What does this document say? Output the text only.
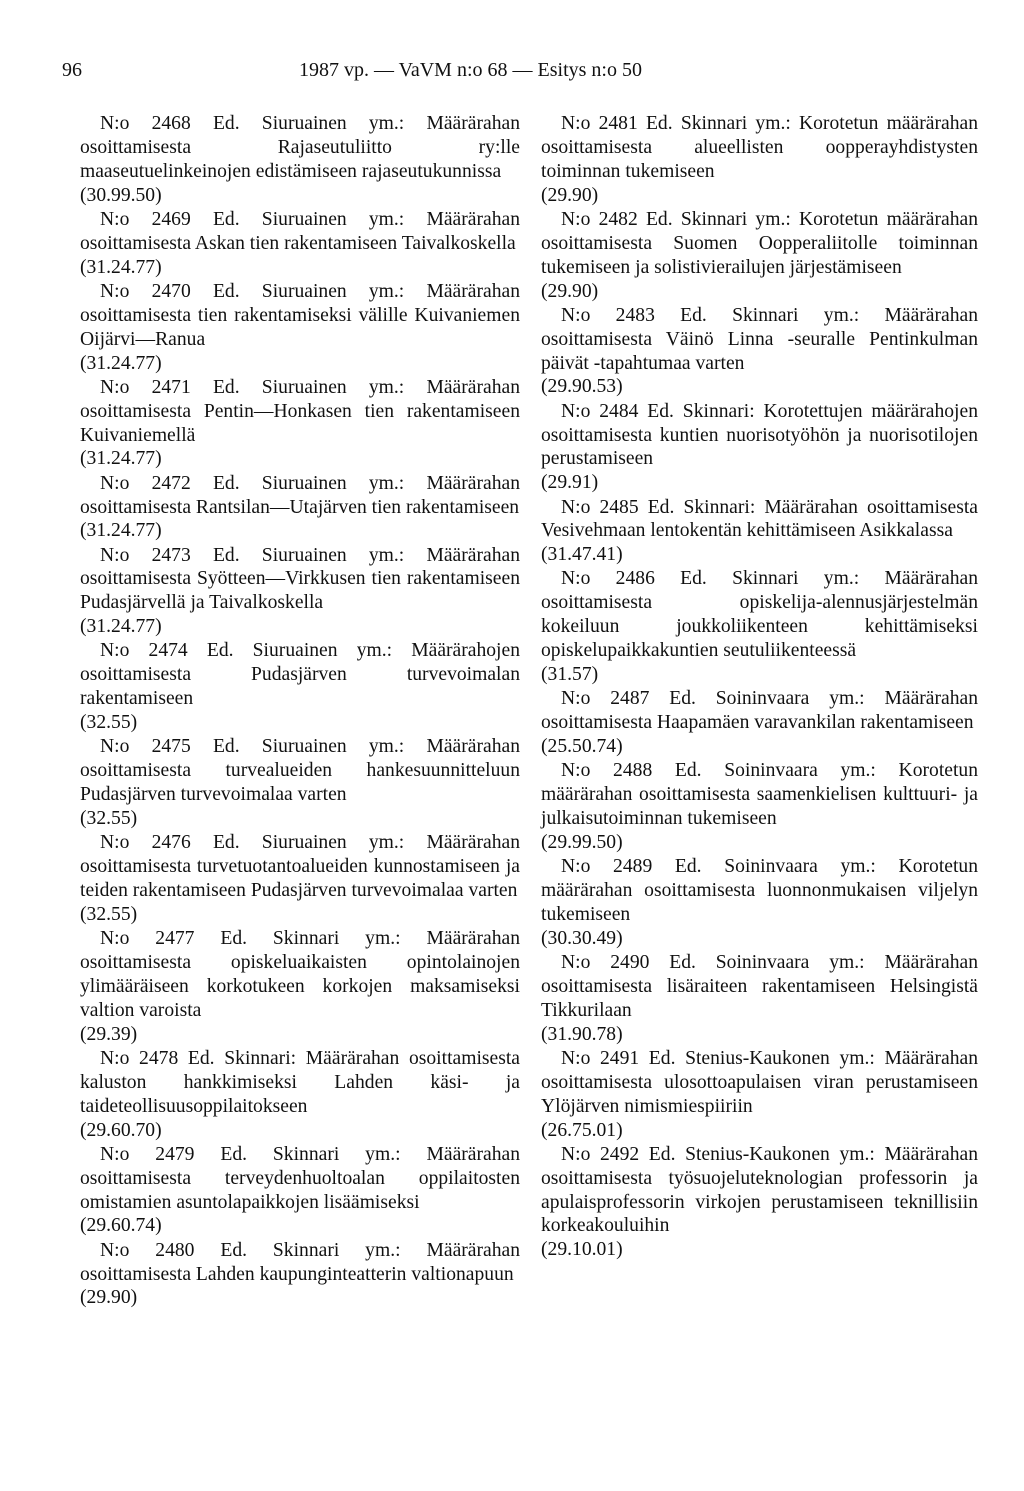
96	1987 vp. — VaVM n:o 68 — Esitys n:o 50

N:o 2468 Ed. Siuruainen ym.: Määrärahan osoittamisesta Rajaseutuliitto ry:lle maaseutuelinkeinojen edistämiseen rajaseutukunnissa

(30.99.50)

N:o 2469 Ed. Siuruainen ym.: Määrärahan osoittamisesta Askan tien rakentamiseen Taivalkoskella

(31.24.77)

N:o 2470 Ed. Siuruainen ym.: Määrärahan osoittamisesta tien rakentamiseksi välille Kuivaniemen Oijärvi—Ranua

(31.24.77)

N:o 2471 Ed. Siuruainen ym.: Määrärahan osoittamisesta Pentin—Honkasen tien rakentamiseen Kuivaniemellä

(31.24.77)

N:o 2472 Ed. Siuruainen ym.: Määrärahan osoittamisesta Rantsilan—Utajärven tien rakentamiseen

(31.24.77)

N:o 2473 Ed. Siuruainen ym.: Määrärahan osoittamisesta Syötteen—Virkkusen tien rakentamiseen Pudasjärvellä ja Taivalkoskella

(31.24.77)

N:o 2474 Ed. Siuruainen ym.: Määrärahojen osoittamisesta Pudasjärven turvevoimalan rakentamiseen

(32.55)

N:o 2475 Ed. Siuruainen ym.: Määrärahan osoittamisesta turvealueiden hankesuunnitteluun Pudasjärven turvevoimalaa varten

(32.55)

N:o 2476 Ed. Siuruainen ym.: Määrärahan osoittamisesta turvetuotantoalueiden kunnostamiseen ja teiden rakentamiseen Pudasjärven turvevoimalaa varten

(32.55)

N:o 2477 Ed. Skinnari ym.: Määrärahan osoittamisesta opiskeluaikaisten opintolainojen ylimääräiseen korkotukeen korkojen maksamiseksi valtion varoista

(29.39)

N:o 2478 Ed. Skinnari: Määrärahan osoittamisesta kaluston hankkimiseksi Lahden käsi- ja taideteollisuusoppilaitokseen

(29.60.70)

N:o 2479 Ed. Skinnari ym.: Määrärahan osoittamisesta terveydenhuoltoalan oppilaitosten omistamien asuntolapaikkojen lisäämiseksi

(29.60.74)

N:o 2480 Ed. Skinnari ym.: Määrärahan osoittamisesta Lahden kaupunginteatterin valtionapuun

(29.90)

N:o 2481 Ed. Skinnari ym.: Korotetun määrärahan osoittamisesta alueellisten oopperayhdistysten toiminnan tukemiseen

(29.90)

N:o 2482 Ed. Skinnari ym.: Korotetun määrärahan osoittamisesta Suomen Oopperaliitolle toiminnan tukemiseen ja solistivierailujen järjestämiseen

(29.90)

N:o 2483 Ed. Skinnari ym.: Määrärahan osoittamisesta Väinö Linna -seuralle Pentinkulman päivät -tapahtumaa varten

(29.90.53)

N:o 2484 Ed. Skinnari: Korotettujen määrärahojen osoittamisesta kuntien nuorisotyöhön ja nuorisotilojen perustamiseen

(29.91)

N:o 2485 Ed. Skinnari: Määrärahan osoittamisesta Vesivehmaan lentokentän kehittämiseen Asikkalassa

(31.47.41)

N:o 2486 Ed. Skinnari ym.: Määrärahan osoittamisesta opiskelija-alennusjärjestelmän kokeiluun joukkoliikenteen kehittämiseksi opiskelupaikkakuntien seutuliikenteessä

(31.57)

N:o 2487 Ed. Soininvaara ym.: Määrärahan osoittamisesta Haapamäen varavankilan rakentamiseen

(25.50.74)

N:o 2488 Ed. Soininvaara ym.: Korotetun määrärahan osoittamisesta saamenkielisen kulttuuri- ja julkaisutoiminnan tukemiseen

(29.99.50)

N:o 2489 Ed. Soininvaara ym.: Korotetun määrärahan osoittamisesta luonnonmukaisen viljelyn tukemiseen

(30.30.49)

N:o 2490 Ed. Soininvaara ym.: Määrärahan osoittamisesta lisäraiteen rakentamiseen Helsingistä Tikkurilaan

(31.90.78)

N:o 2491 Ed. Stenius-Kaukonen ym.: Määrärahan osoittamisesta ulosottoapulaisen viran perustamiseen Ylöjärven nimismiespiiriin

(26.75.01)

N:o 2492 Ed. Stenius-Kaukonen ym.: Määrärahan osoittamisesta työsuojeluteknologian professorin ja apulaisprofessorin virkojen perustamiseen teknillisiin korkeakouluihin

(29.10.01)
